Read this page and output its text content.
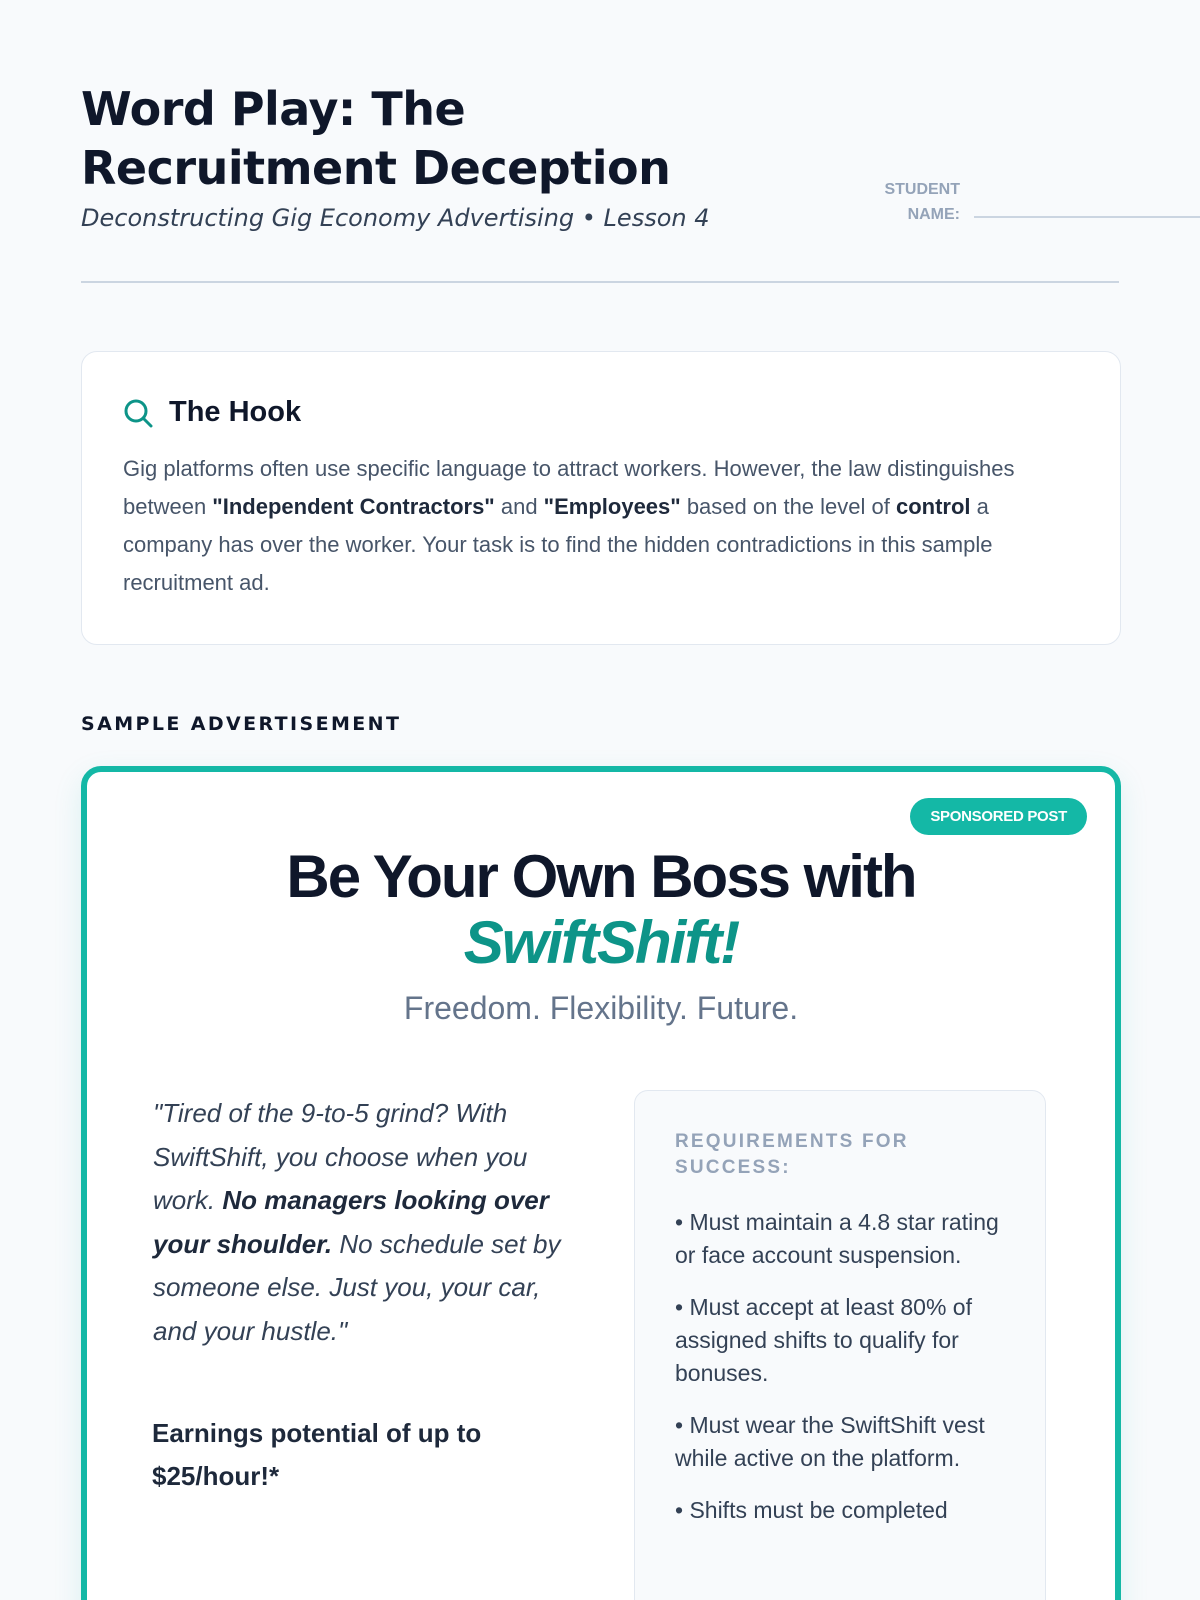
Word Play: The
Recruitment Deception
Deconstructing Gig Economy Advertising • Lesson 4
STUDENT
NAME:
The Hook

Gig platforms often use specific language to attract workers. However, the law distinguishes between "Independent Contractors" and "Employees" based on the level of control a company has over the worker. Your task is to find the hidden contradictions in this sample recruitment ad.

SAMPLE ADVERTISEMENT
SPONSORED POST
Be Your Own Boss with
SwiftShift!
Freedom. Flexibility. Future.

"Tired of the 9-to-5 grind? With SwiftShift, you choose when you work. No managers looking over your shoulder. No schedule set by someone else. Just you, your car, and your hustle."

Earnings potential of up to $25/hour!*
REQUIREMENTS FOR SUCCESS:
• Must maintain a 4.8 star rating or face account suspension.
• Must accept at least 80% of assigned shifts to qualify for bonuses.
• Must wear the SwiftShift vest while active on the platform.
• Shifts must be completed
